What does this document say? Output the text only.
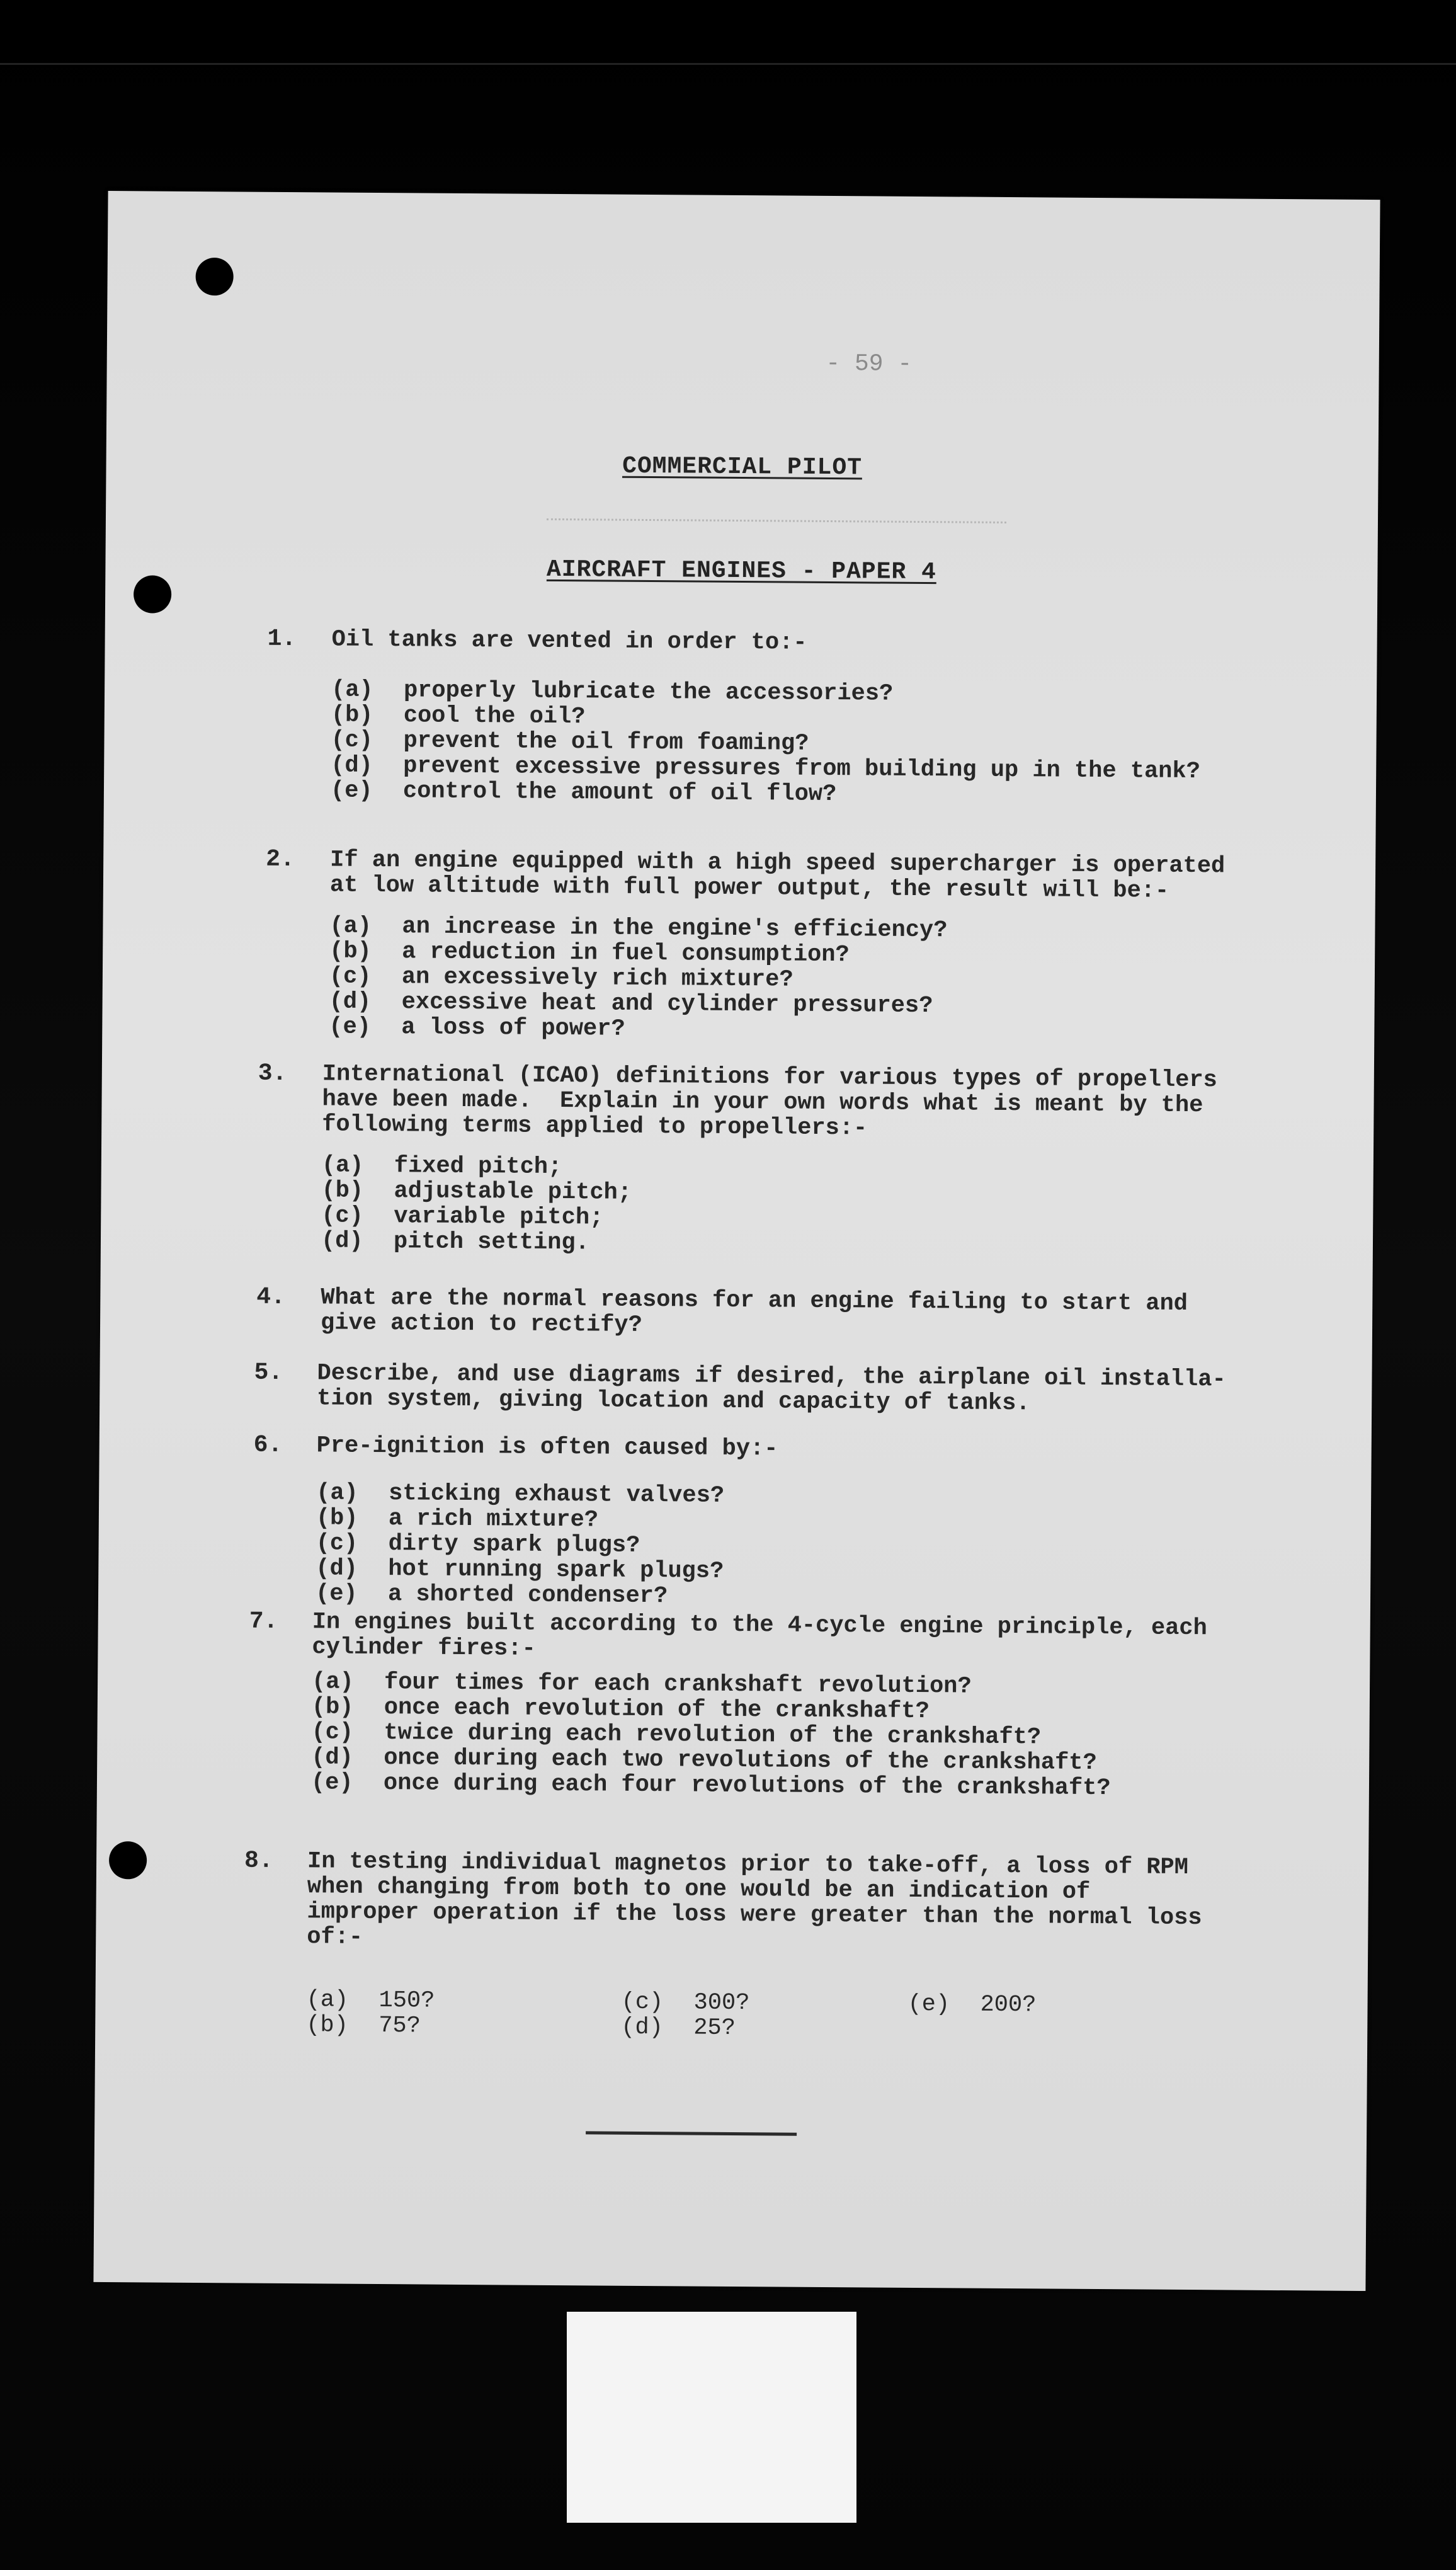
- 59 -
COMMERCIAL PILOT
AIRCRAFT ENGINES - PAPER 4
1. Oil tanks are vented in order to:-
(a) properly lubricate the accessories?
(b) cool the oil?
(c) prevent the oil from foaming?
(d) prevent excessive pressures from building up in the tank?
(e) control the amount of oil flow?
2. If an engine equipped with a high speed supercharger is operated
at low altitude with full power output, the result will be:-
(a) an increase in the engine's efficiency?
(b) a reduction in fuel consumption?
(c) an excessively rich mixture?
(d) excessive heat and cylinder pressures?
(e) a loss of power?
3. International (ICAO) definitions for various types of propellers
have been made.  Explain in your own words what is meant by the
following terms applied to propellers:-
(a) fixed pitch;
(b) adjustable pitch;
(c) variable pitch;
(d) pitch setting.
4. What are the normal reasons for an engine failing to start and
give action to rectify?
5. Describe, and use diagrams if desired, the airplane oil installa-
tion system, giving location and capacity of tanks.
6. Pre-ignition is often caused by:-
(a) sticking exhaust valves?
(b) a rich mixture?
(c) dirty spark plugs?
(d) hot running spark plugs?
(e) a shorted condenser?
7. In engines built according to the 4-cycle engine principle, each
cylinder fires:-
(a) four times for each crankshaft revolution?
(b) once each revolution of the crankshaft?
(c) twice during each revolution of the crankshaft?
(d) once during each two revolutions of the crankshaft?
(e) once during each four revolutions of the crankshaft?
8. In testing individual magnetos prior to take-off, a loss of RPM
when changing from both to one would be an indication of
improper operation if the loss were greater than the normal loss
of:-
(a) 150?
(b) 75?
(c) 300?
(d) 25?
(e) 200?
